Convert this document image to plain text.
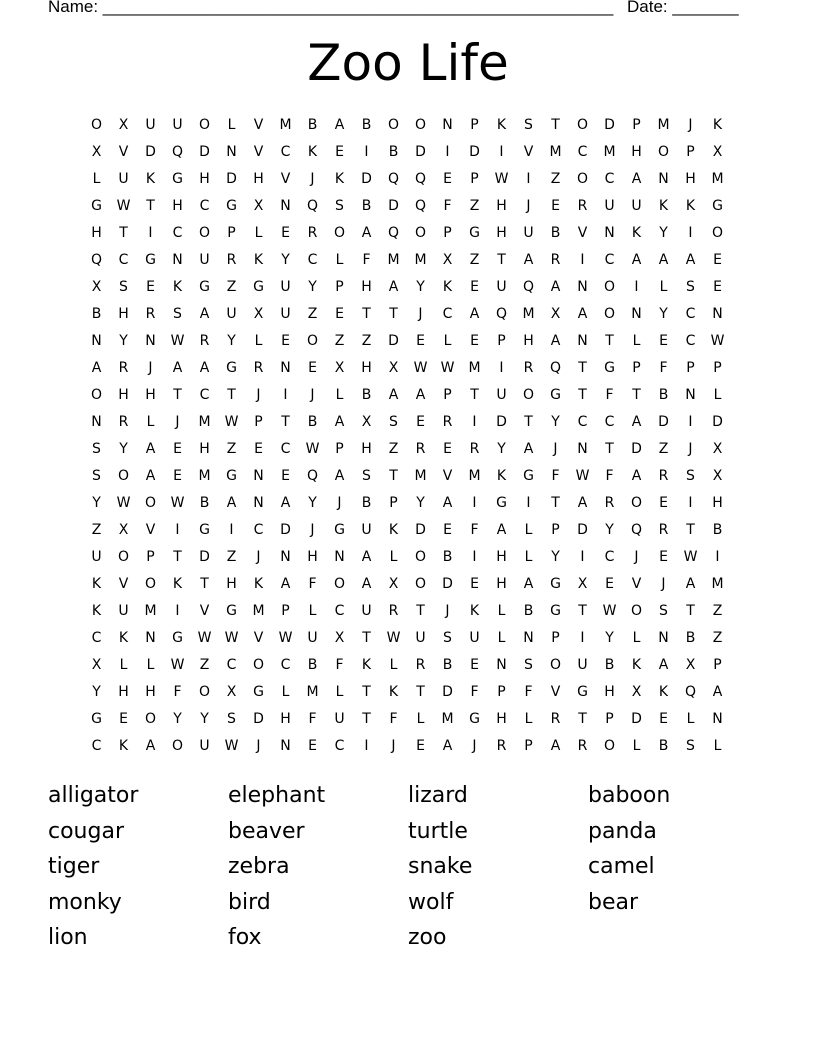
Name: ______________________________________________________ Date: _______
Zoo Life
O	X	U	U	O	L	V	M	B	A	B	O	O	N	P	K	S	T	O	D	P	M	J	K
X	V	D	Q	D	N	V	C	K	E	I	B	D	I	D	I	V	M	C	M	H	O	P	X
L	U	K	G	H	D	H	V	J	K	D	Q	Q	E	P	W	I	Z	O	C	A	N	H	M
G	W	T	H	C	G	X	N	Q	S	B	D	Q	F	Z	H	J	E	R	U	U	K	K	G
H	T	I	C	O	P	L	E	R	O	A	Q	O	P	G	H	U	B	V	N	K	Y	I	O
Q	C	G	N	U	R	K	Y	C	L	F	M	M	X	Z	T	A	R	I	C	A	A	A	E
X	S	E	K	G	Z	G	U	Y	P	H	A	Y	K	E	U	Q	A	N	O	I	L	S	E
B	H	R	S	A	U	X	U	Z	E	T	T	J	C	A	Q	M	X	A	O	N	Y	C	N
N	Y	N	W	R	Y	L	E	O	Z	Z	D	E	L	E	P	H	A	N	T	L	E	C	W
A	R	J	A	A	G	R	N	E	X	H	X	W W	M	I	R	Q	T	G	P	F	P	P
O	H	H	T	C	T	J	I	J	L	B	A	A	P	T	U	O	G	T	F	T	B	N	L
N	R	L	J	M	W	P	T	B	A	X	S	E	R	I	D	T	Y	C	C	A	D	I	D
S	Y	A	E	H	Z	E	C	W	P	H	Z	R	E	R	Y	A	J	N	T	D	Z	J	X
S	O	A	E	M	G	N	E	Q	A	S	T	M	V	M	K	G	F	W	F	A	R	S	X
Y	W	O	W	B	A	N	A	Y	J	B	P	Y	A	I	G	I	T	A	R	O	E	I	H
Z	X	V	I	G	I	C	D	J	G	U	K	D	E	F	A	L	P	D	Y	Q	R	T	B
U	O	P	T	D	Z	J	N	H	N	A	L	O	B	I	H	L	Y	I	C	J	E	W	I
K	V	O	K	T	H	K	A	F	O	A	X	O	D	E	H	A	G	X	E	V	J	A	M
K	U	M	I	V	G	M	P	L	C	U	R	T	J	K	L	B	G	T	W	O	S	T	Z
C	K	N	G	W W	V	W	U	X	T	W	U	S	U	L	N	P	I	Y	L	N	B	Z
X	L	L	W	Z	C	O	C	B	F	K	L	R	B	E	N	S	O	U	B	K	A	X	P
Y	H	H	F	O	X	G	L	M	L	T	K	T	D	F	P	F	V	G	H	X	K	Q	A
G	E	O	Y	Y	S	D	H	F	U	T	F	L	M	G	H	L	R	T	P	D	E	L	N
C	K	A	O	U	W	J	N	E	C	I	J	E	A	J	R	P	A	R	O	L	B	S	L
alligator	elephant	lizard	baboon
cougar	beaver	turtle	panda
tiger	zebra	snake	camel
monky	bird	wolf	bear
lion	fox	zoo
